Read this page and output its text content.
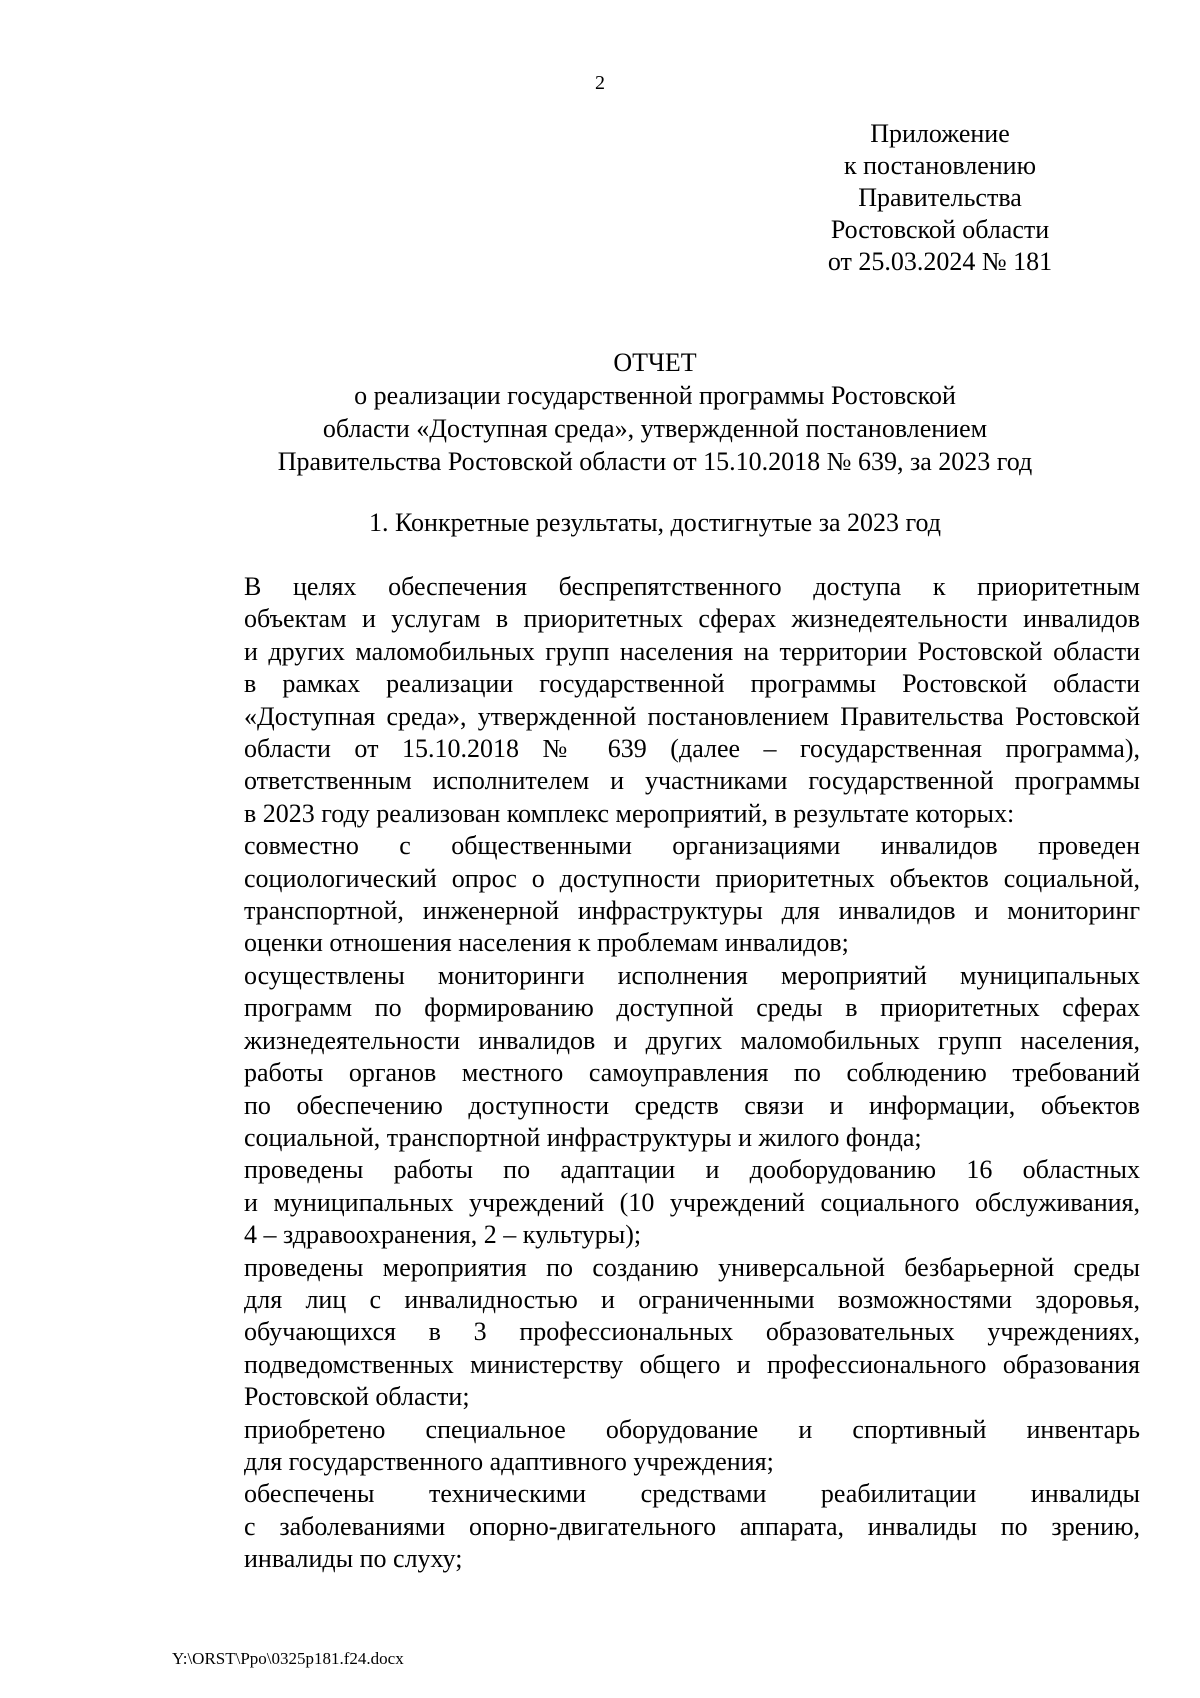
2
Приложение
к постановлению
Правительства
Ростовской области
от 25.03.2024 № 181
ОТЧЕТ
о реализации государственной программы Ростовской
области «Доступная среда», утвержденной постановлением
Правительства Ростовской области от 15.10.2018 № 639, за 2023 год
1. Конкретные результаты, достигнутые за 2023 год
В целях обеспечения беспрепятственного доступа к приоритетным
объектам и услугам в приоритетных сферах жизнедеятельности инвалидов
и других маломобильных групп населения на территории Ростовской области
в рамках реализации государственной программы Ростовской области
«Доступная среда», утвержденной постановлением Правительства Ростовской
области от 15.10.2018 № 639 (далее – государственная программа),
ответственным исполнителем и участниками государственной программы
в 2023 году реализован комплекс мероприятий, в результате которых:
совместно с общественными организациями инвалидов проведен
социологический опрос о доступности приоритетных объектов социальной,
транспортной, инженерной инфраструктуры для инвалидов и мониторинг
оценки отношения населения к проблемам инвалидов;
осуществлены мониторинги исполнения мероприятий муниципальных
программ по формированию доступной среды в приоритетных сферах
жизнедеятельности инвалидов и других маломобильных групп населения,
работы органов местного самоуправления по соблюдению требований
по обеспечению доступности средств связи и информации, объектов
социальной, транспортной инфраструктуры и жилого фонда;
проведены работы по адаптации и дооборудованию 16 областных
и муниципальных учреждений (10 учреждений социального обслуживания,
4 – здравоохранения, 2 – культуры);
проведены мероприятия по созданию универсальной безбарьерной среды
для лиц с инвалидностью и ограниченными возможностями здоровья,
обучающихся в 3 профессиональных образовательных учреждениях,
подведомственных министерству общего и профессионального образования
Ростовской области;
приобретено специальное оборудование и спортивный инвентарь
для государственного адаптивного учреждения;
обеспечены техническими средствами реабилитации инвалиды
с заболеваниями опорно-двигательного аппарата, инвалиды по зрению,
инвалиды по слуху;
Y:\ORST\Ppo\0325p181.f24.docx
